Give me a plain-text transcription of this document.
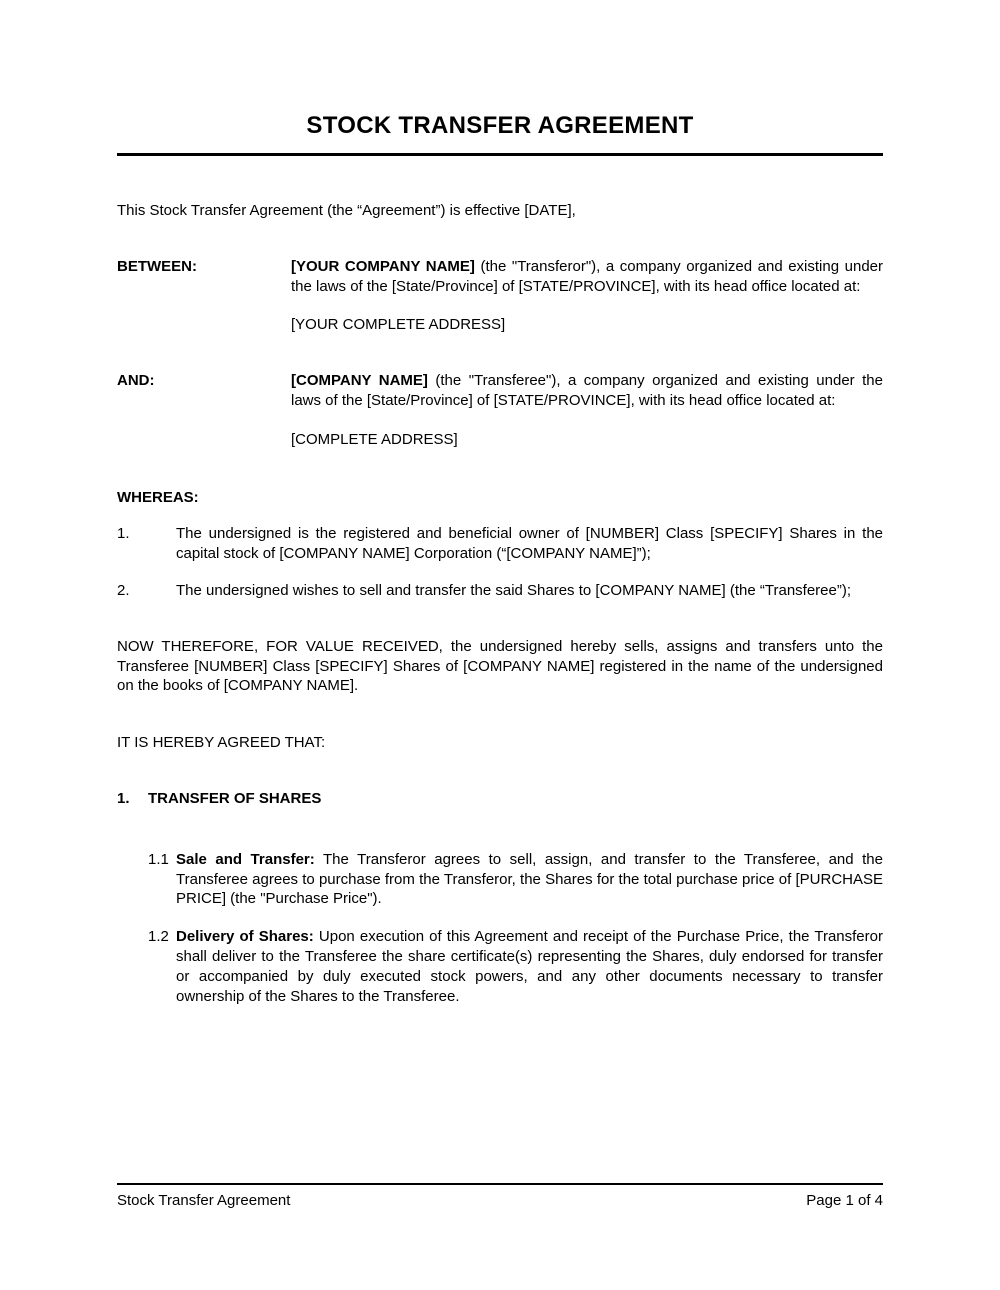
STOCK TRANSFER AGREEMENT

This Stock Transfer Agreement (the “Agreement”) is effective [DATE],

BETWEEN:	[YOUR COMPANY NAME] (the "Transferor"), a company organized and existing under the laws of the [State/Province] of [STATE/PROVINCE], with its head office located at:

[YOUR COMPLETE ADDRESS]

AND:	[COMPANY NAME] (the "Transferee"), a company organized and existing under the laws of the [State/Province] of [STATE/PROVINCE], with its head office located at:

[COMPLETE ADDRESS]

WHEREAS:
1.	The undersigned is the registered and beneficial owner of [NUMBER] Class [SPECIFY] Shares in the capital stock of [COMPANY NAME] Corporation (“[COMPANY NAME]”);

2.	The undersigned wishes to sell and transfer the said Shares to [COMPANY NAME] (the “Transferee”);

NOW THEREFORE, FOR VALUE RECEIVED, the undersigned hereby sells, assigns and transfers unto the Transferee [NUMBER] Class [SPECIFY] Shares of [COMPANY NAME] registered in the name of the undersigned on the books of [COMPANY NAME].

IT IS HEREBY AGREED THAT:

1.	TRANSFER OF SHARES
1.1 Sale and Transfer: The Transferor agrees to sell, assign, and transfer to the Transferee, and the Transferee agrees to purchase from the Transferor, the Shares for the total purchase price of [PURCHASE PRICE] (the "Purchase Price").

1.2 Delivery of Shares: Upon execution of this Agreement and receipt of the Purchase Price, the Transferor shall deliver to the Transferee the share certificate(s) representing the Shares, duly endorsed for transfer or accompanied by duly executed stock powers, and any other documents necessary to transfer ownership of the Shares to the Transferee.

Stock Transfer Agreement	Page 1 of 4
